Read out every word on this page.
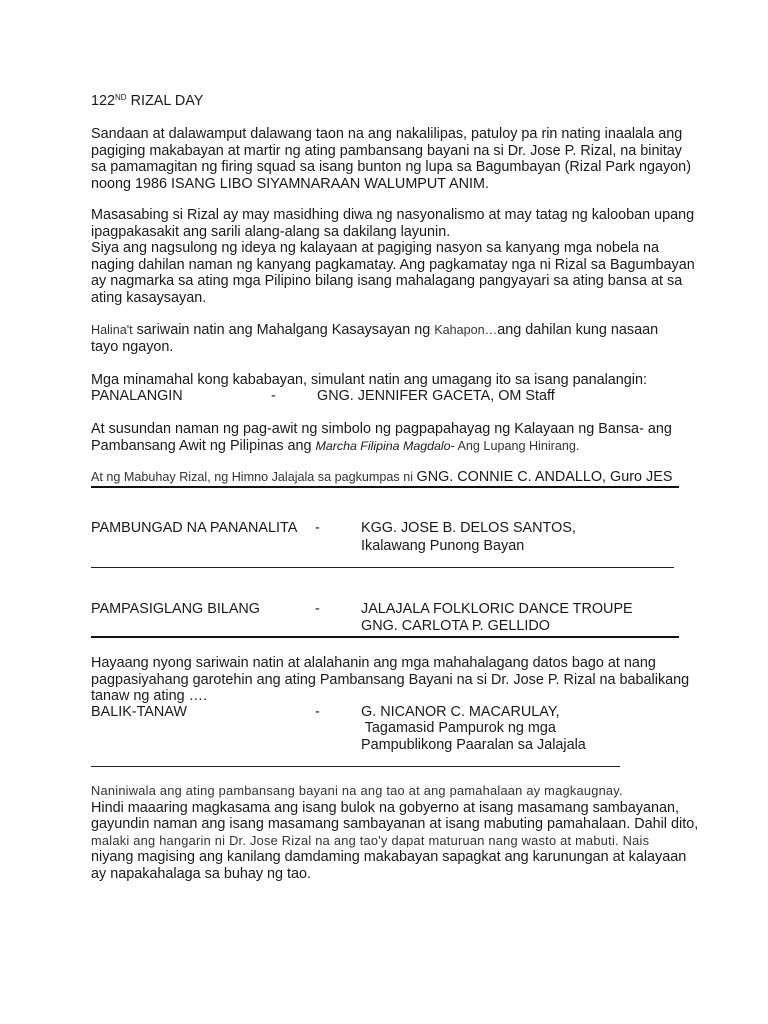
122ND RIZAL DAY
Sandaan at dalawamput dalawang taon na ang nakalilipas, patuloy pa rin nating inaalala ang
pagiging makabayan at martir ng ating pambansang bayani na si Dr. Jose P. Rizal, na binitay
sa pamamagitan ng firing squad sa isang bunton ng lupa sa Bagumbayan (Rizal Park ngayon)
noong 1986 ISANG LIBO SIYAMNARAAN WALUMPUT ANIM.
Masasabing si Rizal ay may masidhing diwa ng nasyonalismo at may tatag ng kalooban upang
ipagpakasakit ang sarili alang-alang sa dakilang layunin.
Siya ang nagsulong ng ideya ng kalayaan at pagiging nasyon sa kanyang mga nobela na
naging dahilan naman ng kanyang pagkamatay. Ang pagkamatay nga ni Rizal sa Bagumbayan
ay nagmarka sa ating mga Pilipino bilang isang mahalagang pangyayari sa ating bansa at sa
ating kasaysayan.
Halina't sariwain natin ang Mahalgang Kasaysayan ng Kahapon…ang dahilan kung nasaan
tayo ngayon.
Mga minamahal kong kababayan, simulant natin ang umagang ito sa isang panalangin:
PANALANGIN	-	GNG. JENNIFER GACETA, OM Staff
At susundan naman ng pag-awit ng simbolo ng pagpapahayag ng Kalayaan ng Bansa- ang
Pambansang Awit ng Pilipinas ang Marcha Filipina Magdalo- Ang Lupang Hinirang.
At ng Mabuhay Rizal, ng Himno Jalajala sa pagkumpas ni GNG. CONNIE C. ANDALLO, Guro JES
PAMBUNGAD NA PANANALITA -	KGG. JOSE B. DELOS SANTOS,
Ikalawang Punong Bayan
PAMPASIGLANG BILANG	-	JALAJALA FOLKLORIC DANCE TROUPE
GNG. CARLOTA P. GELLIDO
Hayaang nyong sariwain natin at alalahanin ang mga mahahalagang datos bago at nang
pagpasiyahang garotehin ang ating Pambansang Bayani na si Dr. Jose P. Rizal na babalikang
tanaw ng ating ….
BALIK-TANAW	-	G. NICANOR C. MACARULAY,
Tagamasid Pampurok ng mga
Pampublikong Paaralan sa Jalajala
Naniniwala ang ating pambansang bayani na ang tao at ang pamahalaan ay magkaugnay.
Hindi maaaring magkasama ang isang bulok na gobyerno at isang masamang sambayanan,
gayundin naman ang isang masamang sambayanan at isang mabuting pamahalaan. Dahil dito,
malaki ang hangarin ni Dr. Jose Rizal na ang tao'y dapat maturuan nang wasto at mabuti. Nais
niyang magising ang kanilang damdaming makabayan sapagkat ang karunungan at kalayaan
ay napakahalaga sa buhay ng tao.
